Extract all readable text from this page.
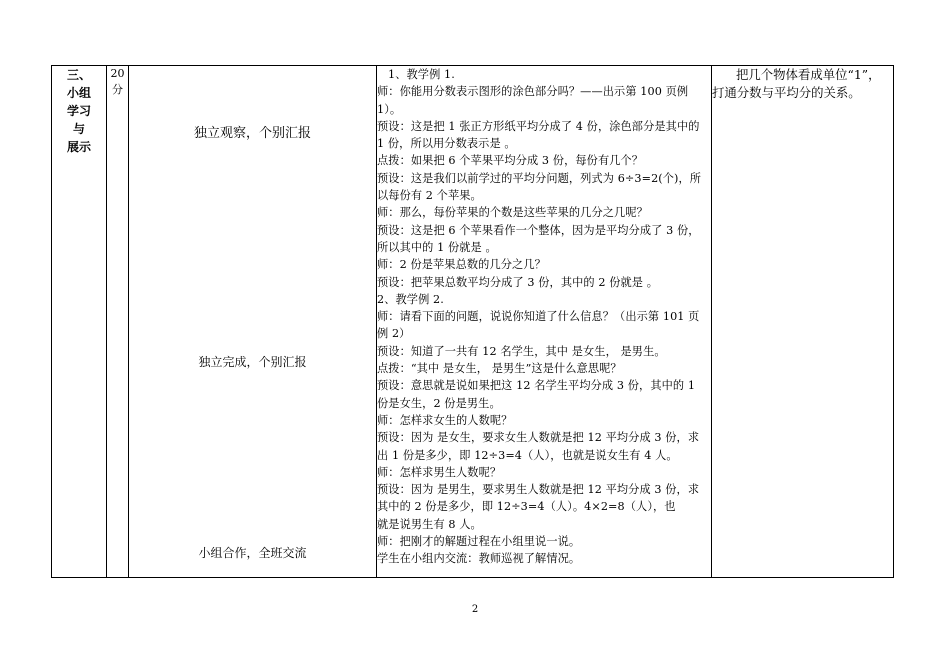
三、
小组
学习
与
展示

20
分

独立观察，个别汇报
独立完成，个别汇报
小组合作，全班交流

1、教学例 1.
师：你能用分数表示图形的涂色部分吗？——出示第 100 页例
1）。
预设：这是把 1 张正方形纸平均分成了 4 份，涂色部分是其中的
1 份，所以用分数表示是 。
点拨：如果把 6 个苹果平均分成 3 份，每份有几个？
预设：这是我们以前学过的平均分问题，列式为 6÷3=2(个)，所
以每份有 2 个苹果。
师：那么，每份苹果的个数是这些苹果的几分之几呢？
预设：这是把 6 个苹果看作一个整体，因为是平均分成了 3 份，
所以其中的 1 份就是 。
师：2 份是苹果总数的几分之几？
预设：把苹果总数平均分成了 3 份，其中的 2 份就是 。
2、教学例 2.
师：请看下面的问题，说说你知道了什么信息？（出示第 101 页
例 2）
预设：知道了一共有 12 名学生，其中 是女生， 是男生。
点拨：“其中 是女生， 是男生”这是什么意思呢？
预设：意思就是说如果把这 12 名学生平均分成 3 份，其中的 1
份是女生，2 份是男生。
师：怎样求女生的人数呢？
预设：因为 是女生，要求女生人数就是把 12 平均分成 3 份，求
出 1 份是多少，即 12÷3=4（人），也就是说女生有 4 人。
师：怎样求男生人数呢？
预设：因为 是男生，要求男生人数就是把 12 平均分成 3 份，求
其中的 2 份是多少，即 12÷3=4（人）。4×2=8（人），也
就是说男生有 8 人。
师：把刚才的解题过程在小组里说一说。
学生在小组内交流：教师巡视了解情况。

把几个物体看成单位“1”，
打通分数与平均分的关系。
2
